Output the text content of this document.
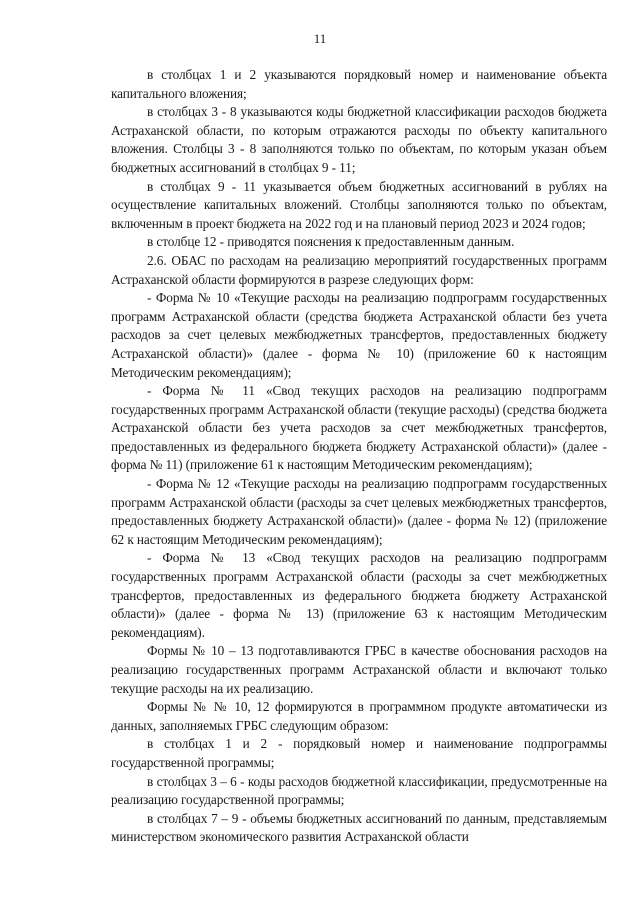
11

в столбцах 1 и 2 указываются порядковый номер и наименование объекта капитального вложения;

в столбцах 3 - 8 указываются коды бюджетной классификации расходов бюджета Астраханской области, по которым отражаются расходы по объекту капитального вложения. Столбцы 3 - 8 заполняются только по объектам, по которым указан объем бюджетных ассигнований в столбцах 9 - 11;

в столбцах 9 - 11 указывается объем бюджетных ассигнований в рублях на осуществление капитальных вложений. Столбцы заполняются только по объектам, включенным в проект бюджета на 2022 год и на плановый период 2023 и 2024 годов;

в столбце 12 - приводятся пояснения к предоставленным данным.

2.6. ОБАС по расходам на реализацию мероприятий государственных программ Астраханской области формируются в разрезе следующих форм:

- Форма № 10 «Текущие расходы на реализацию подпрограмм государственных программ Астраханской области (средства бюджета Астраханской области без учета расходов за счет целевых межбюджетных трансфертов, предоставленных бюджету Астраханской области)» (далее - форма № 10) (приложение 60 к настоящим Методическим рекомендациям);

- Форма № 11 «Свод текущих расходов на реализацию подпрограмм государственных программ Астраханской области (текущие расходы) (средства бюджета Астраханской области без учета расходов за счет межбюджетных трансфертов, предоставленных из федерального бюджета бюджету Астраханской области)» (далее - форма № 11) (приложение 61 к настоящим Методическим рекомендациям);

- Форма № 12 «Текущие расходы на реализацию подпрограмм государственных программ Астраханской области (расходы за счет целевых межбюджетных трансфертов, предоставленных бюджету Астраханской области)» (далее - форма № 12) (приложение 62 к настоящим Методическим рекомендациям);

- Форма № 13 «Свод текущих расходов на реализацию подпрограмм государственных программ Астраханской области (расходы за счет межбюджетных трансфертов, предоставленных из федерального бюджета бюджету Астраханской области)» (далее - форма № 13) (приложение 63 к настоящим Методическим рекомендациям).

Формы № 10 – 13 подготавливаются ГРБС в качестве обоснования расходов на реализацию государственных программ Астраханской области и включают только текущие расходы на их реализацию.

Формы № № 10, 12 формируются в программном продукте автоматически из данных, заполняемых ГРБС следующим образом:

в столбцах 1 и 2 - порядковый номер и наименование подпрограммы государственной программы;

в столбцах 3 – 6 - коды расходов бюджетной классификации, предусмотренные на реализацию государственной программы;

в столбцах 7 – 9 - объемы бюджетных ассигнований по данным, представляемым министерством экономического развития Астраханской области
